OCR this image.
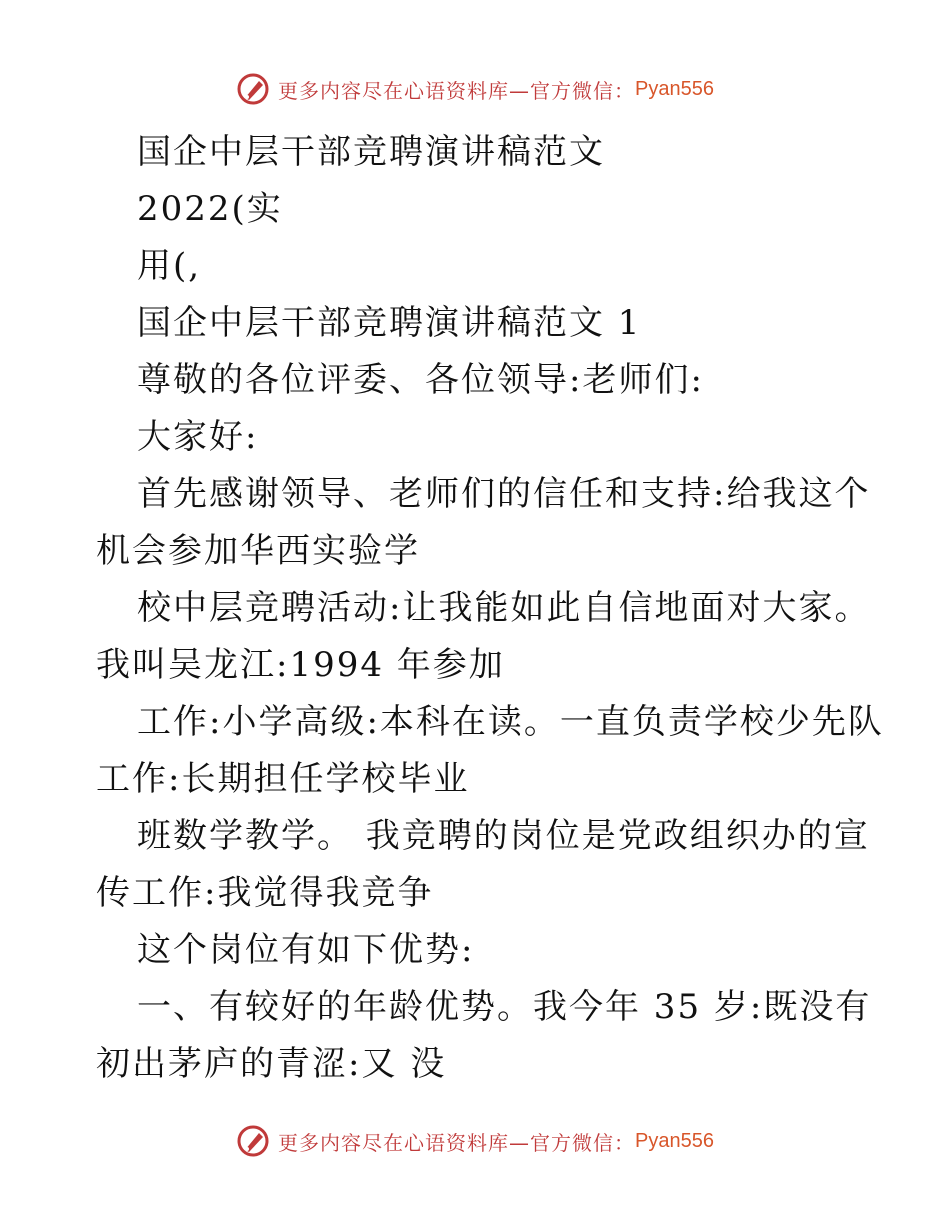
更多内容尽在心语资料库—官方微信： Pyan556

国企中层干部竞聘演讲稿范文

2022(实

用(,

国企中层干部竞聘演讲稿范文 1

尊敬的各位评委、各位领导:老师们:

大家好:

首先感谢领导、老师们的信任和支持:给我这个

机会参加华西实验学

校中层竞聘活动:让我能如此自信地面对大家。

我叫吴龙江:1994 年参加

工作:小学高级:本科在读。一直负责学校少先队

工作:长期担任学校毕业

班数学教学。 我竞聘的岗位是党政组织办的宣

传工作:我觉得我竞争

这个岗位有如下优势:

一、有较好的年龄优势。我今年 35 岁:既没有

初出茅庐的青涩:又 没

更多内容尽在心语资料库—官方微信： Pyan556
